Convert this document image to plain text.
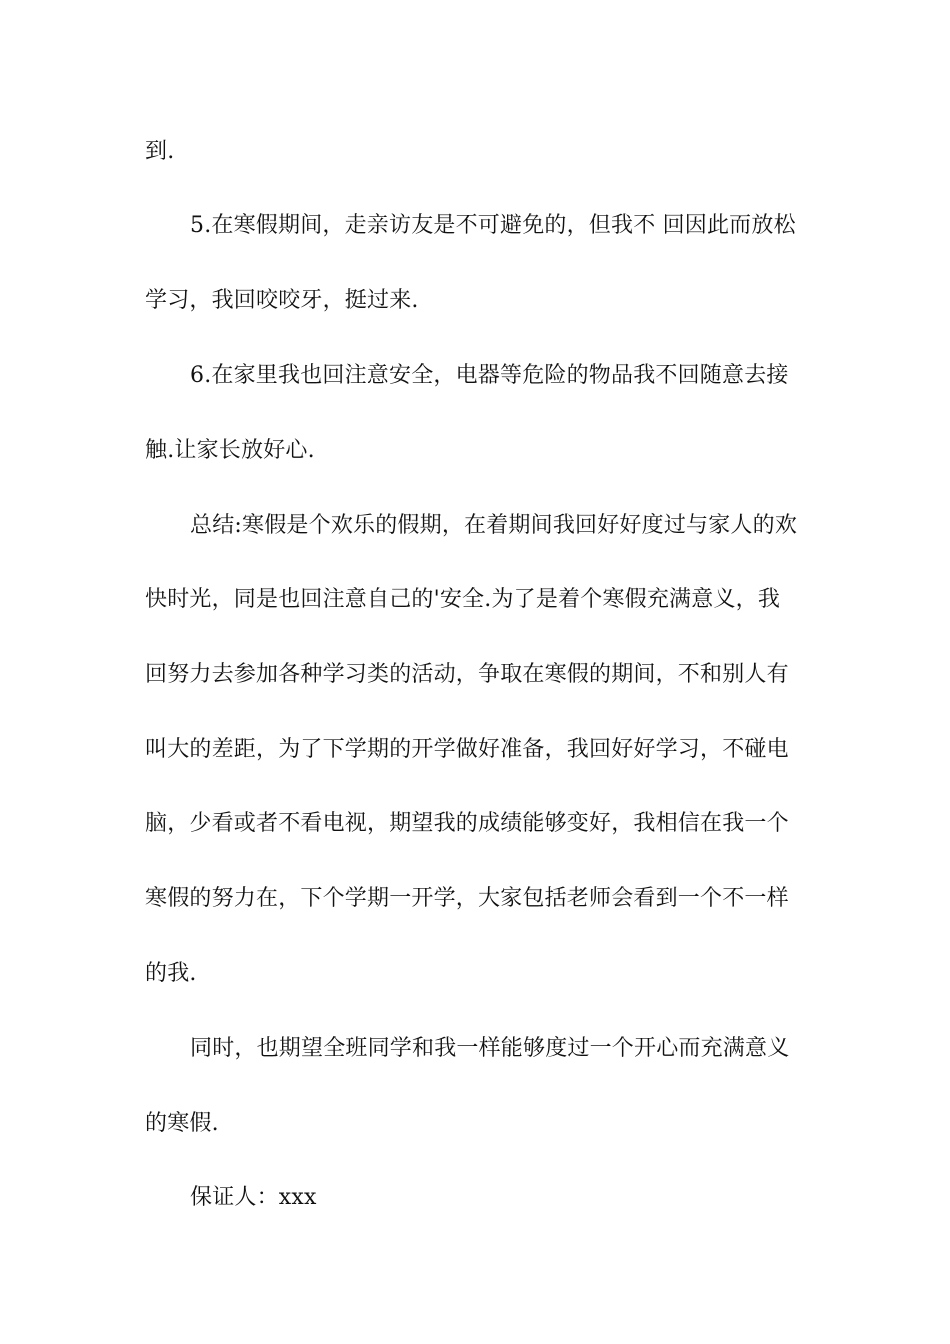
到.
5.在寒假期间，走亲访友是不可避免的，但我不 回因此而放松
学习，我回咬咬牙，挺过来.
6.在家里我也回注意安全，电器等危险的物品我不回随意去接
触.让家长放好心.
总结:寒假是个欢乐的假期，在着期间我回好好度过与家人的欢
快时光，同是也回注意自己的'安全.为了是着个寒假充满意义，我
回努力去参加各种学习类的活动，争取在寒假的期间，不和别人有
叫大的差距，为了下学期的开学做好准备，我回好好学习，不碰电
脑，少看或者不看电视，期望我的成绩能够变好，我相信在我一个
寒假的努力在，下个学期一开学，大家包括老师会看到一个不一样
的我.
同时，也期望全班同学和我一样能够度过一个开心而充满意义
的寒假.
保证人：xxx
